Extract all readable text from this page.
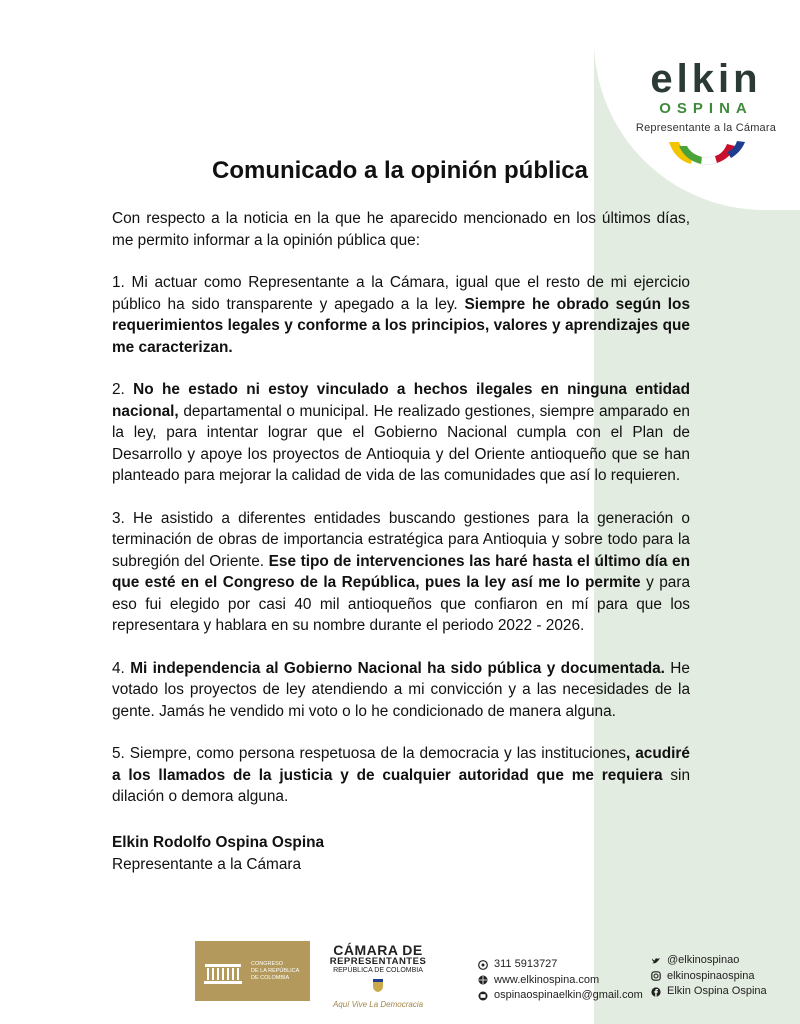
elkin
OSPINA
Representante a la Cámara
Comunicado a la opinión pública

Con respecto a la noticia en la que he aparecido mencionado en los últimos días, me permito informar a la opinión pública que:

1. Mi actuar como Representante a la Cámara, igual que el resto de mi ejercicio público ha sido transparente y apegado a la ley. Siempre he obrado según los requerimientos legales y conforme a los principios, valores y aprendizajes que me caracterizan.

2. No he estado ni estoy vinculado a hechos ilegales en ninguna entidad nacional, departamental o municipal. He realizado gestiones, siempre amparado en la ley, para intentar lograr que el Gobierno Nacional cumpla con el Plan de Desarrollo y apoye los proyectos de Antioquia y del Oriente antioqueño que se han planteado para mejorar la calidad de vida de las comunidades que así lo requieren.

3. He asistido a diferentes entidades buscando gestiones para la generación o terminación de obras de importancia estratégica para Antioquia y sobre todo para la subregión del Oriente. Ese tipo de intervenciones las haré hasta el último día en que esté en el Congreso de la República, pues la ley así me lo permite y para eso fui elegido por casi 40 mil antioqueños que confiaron en mí para que los representara y hablara en su nombre durante el periodo 2022 - 2026.

4. Mi independencia al Gobierno Nacional ha sido pública y documentada. He votado los proyectos de ley atendiendo a mi convicción y a las necesidades de la gente. Jamás he vendido mi voto o lo he condicionado de manera alguna.

5. Siempre, como persona respetuosa de la democracia y las instituciones, acudiré a los llamados de la justicia y de cualquier autoridad que me requiera sin dilación o demora alguna.

Elkin Rodolfo Ospina Ospina
Representante a la Cámara
CONGRESO
DE LA REPÚBLICA
DE COLOMBIA
CÁMARA DE
REPRESENTANTES
REPÚBLICA DE COLOMBIA
Aquí Vive La Democracia
311 5913727
www.elkinospina.com
ospinaospinaelkin@gmail.com
@elkinospinao
elkinospinaospina
Elkin Ospina Ospina
